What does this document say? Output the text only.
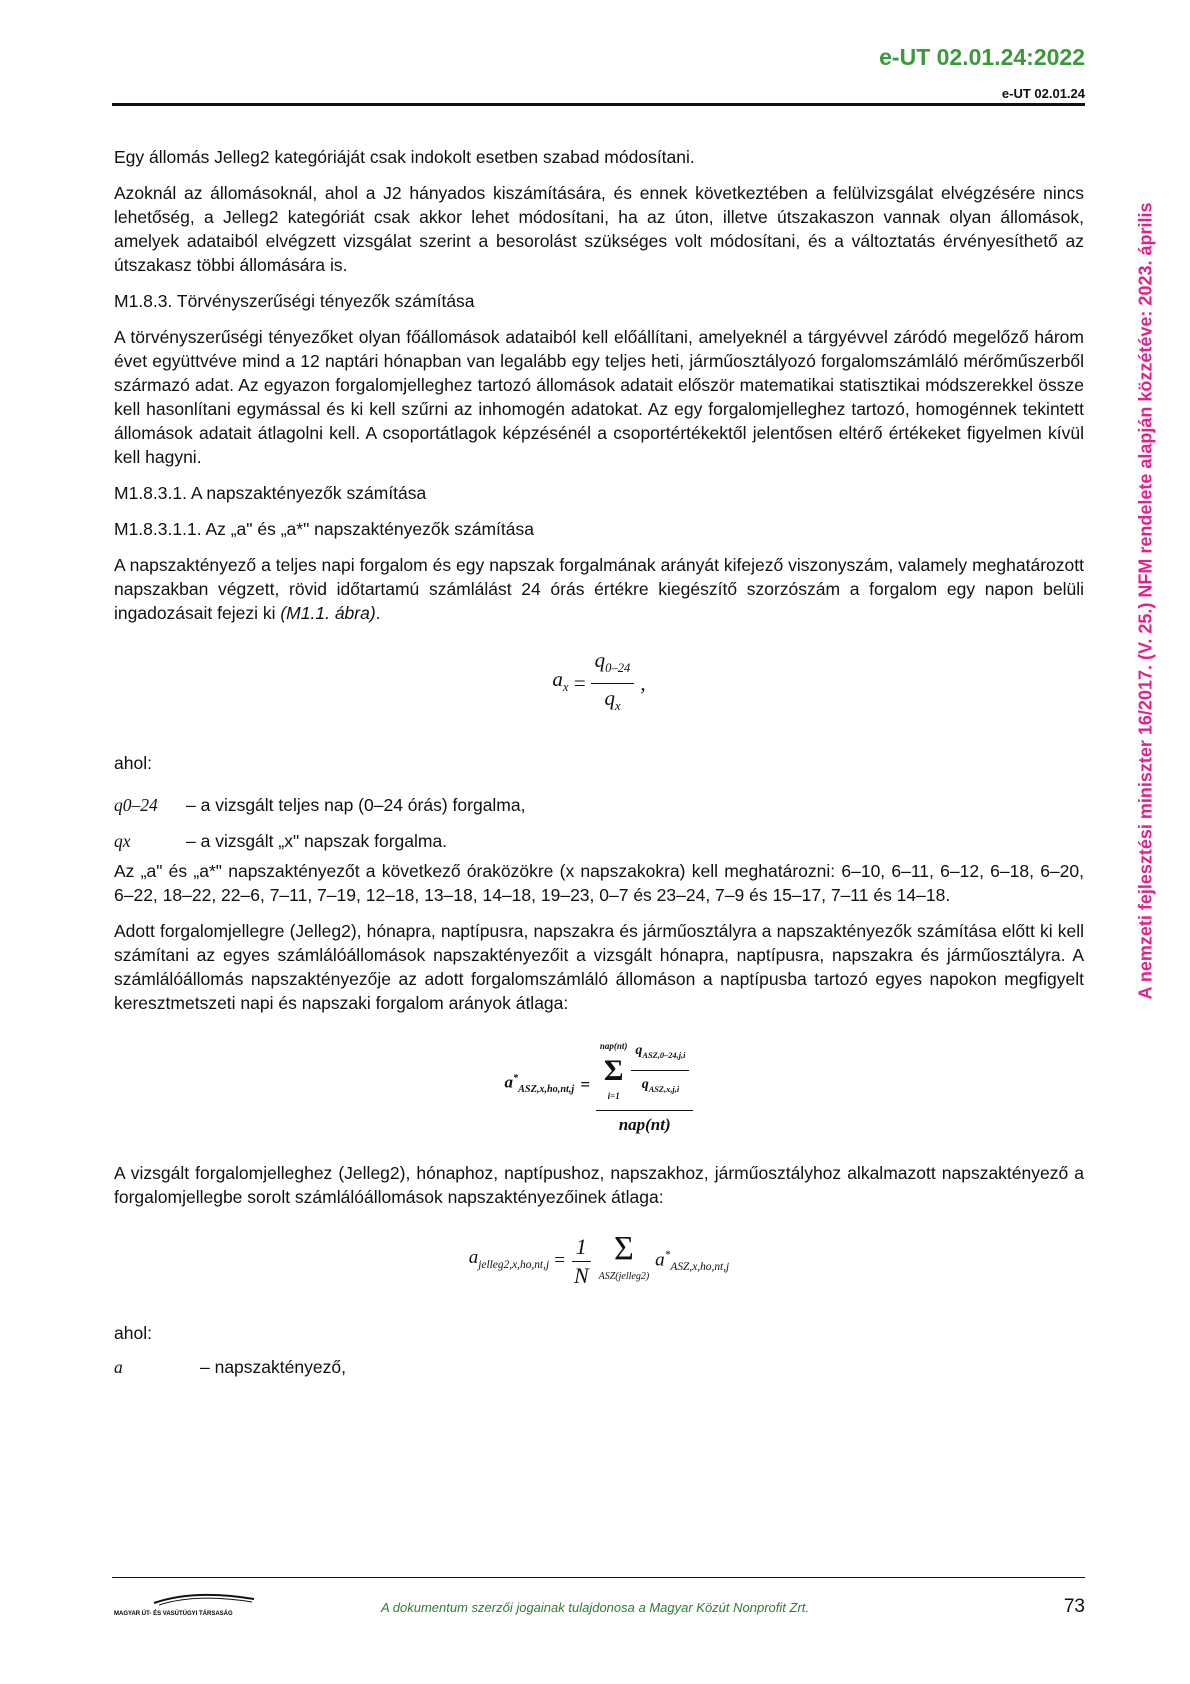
e-UT 02.01.24:2022
e-UT 02.01.24
A nemzeti fejlesztési miniszter 16/2017. (V. 25.) NFM rendelete alapján közzétéve: 2023. április

Egy állomás Jelleg2 kategóriáját csak indokolt esetben szabad módosítani.

Azoknál az állomásoknál, ahol a J2 hányados kiszámítására, és ennek következtében a felülvizsgálat elvégzésére nincs lehetőség, a Jelleg2 kategóriát csak akkor lehet módosítani, ha az úton, illetve útszakaszon vannak olyan állomások, amelyek adataiból elvégzett vizsgálat szerint a besorolást szükséges volt módosítani, és a változtatás érvényesíthető az útszakasz többi állomására is.

M1.8.3. Törvényszerűségi tényezők számítása

A törvényszerűségi tényezőket olyan főállomások adataiból kell előállítani, amelyeknél a tárgyévvel záródó megelőző három évet együttvéve mind a 12 naptári hónapban van legalább egy teljes heti, járműosztályozó forgalomszámláló mérőműszerből származó adat. Az egyazon forgalomjelleghez tartozó állomások adatait először matematikai statisztikai módszerekkel össze kell hasonlítani egymással és ki kell szűrni az inhomogén adatokat. Az egy forgalomjelleghez tartozó, homogénnek tekintett állomások adatait átlagolni kell. A csoportátlagok képzésénél a csoportértékektől jelentősen eltérő értékeket figyelmen kívül kell hagyni.

M1.8.3.1. A napszaktényezők számítása

M1.8.3.1.1. Az „a" és „a*" napszaktényezők számítása

A napszaktényező a teljes napi forgalom és egy napszak forgalmának arányát kifejező viszonyszám, valamely meghatározott napszakban végzett, rövid időtartamú számlálást 24 órás értékre kiegészítő szorzószám a forgalom egy napon belüli ingadozásait fejezi ki (M1.1. ábra).

$a_x = \frac{q_{0-24}}{q_x}$ ,

ahol:

q0–24	– a vizsgált teljes nap (0–24 órás) forgalma,
qx	– a vizsgált „x" napszak forgalma.

Az „a" és „a*" napszaktényezőt a következő óraközökre (x napszakokra) kell meghatározni: 6–10, 6–11, 6–12, 6–18, 6–20, 6–22, 18–22, 22–6, 7–11, 7–19, 12–18, 13–18, 14–18, 19–23, 0–7 és 23–24, 7–9 és 15–17, 7–11 és 14–18.

Adott forgalomjellegre (Jelleg2), hónapra, naptípusra, napszakra és járműosztályra a napszaktényezők számítása előtt ki kell számítani az egyes számlálóállomások napszaktényezőit a vizsgált hónapra, naptípusra, napszakra és járműosztályra. A számlálóállomás napszaktényezője az adott forgalomszámláló állomáson a naptípusba tartozó egyes napokon megfigyelt keresztmetszeti napi és napszaki forgalom arányok átlaga:

$a^*_{ASZ,x,ho,nt,j}$ =
nap(nt)
Σ
$i=1 \frac{q_{ASZ,0-24,j,i}}{q_{ASZ,x,j,i}}$
nap(nt)

A vizsgált forgalomjelleghez (Jelleg2), hónaphoz, naptípushoz, napszakhoz, járműosztályhoz alkalmazott napszaktényező a forgalomjellegbe sorolt számlálóállomások napszaktényezőinek átlaga:

$a_{jelleg2,x,ho,nt,j} = \frac{1}{N}$ Σ
ASZ(jelleg2)
$a^*_{ASZ,x,ho,nt,j}$

ahol:

a	– napszaktényező,
MAGYAR ÚT- ÉS VASÚTÜGYI TÁRSASÁG	A dokumentum szerzői jogainak tulajdonosa a Magyar Közút Nonprofit Zrt.	73
